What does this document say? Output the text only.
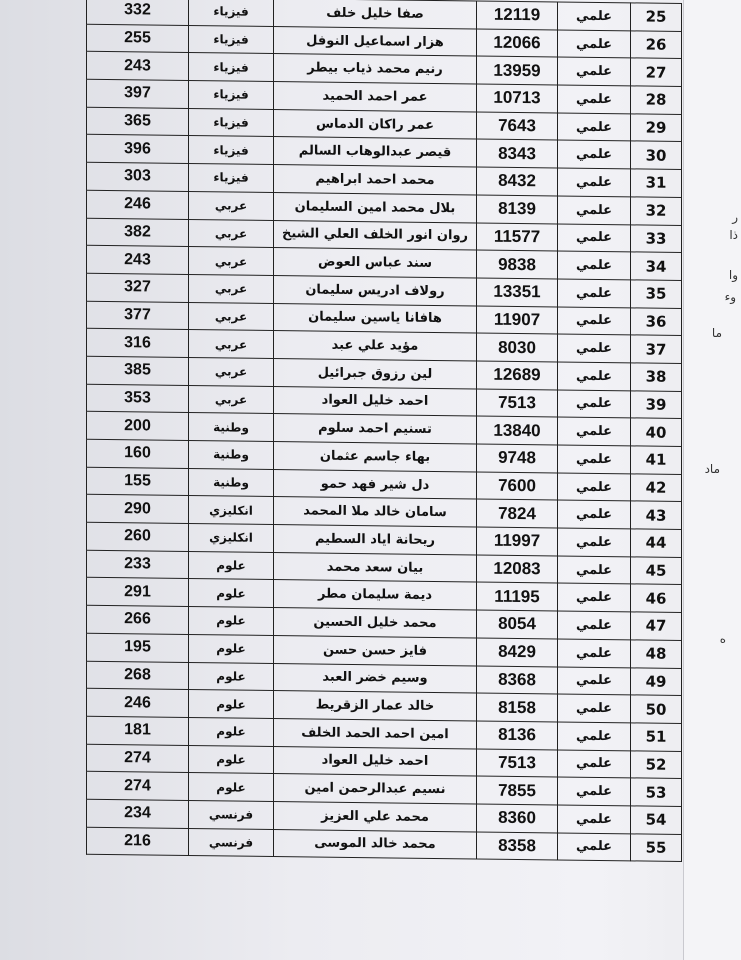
ر
ذا
وا
وء
ما
ماد
ه
25	علمي	12119	صفا خليل خلف	فيزياء	332
26	علمي	12066	هزار اسماعيل النوفل	فيزياء	255
27	علمي	13959	رنيم محمد ذياب بيطر	فيزياء	243
28	علمي	10713	عمر احمد الحميد	فيزياء	397
29	علمي	7643	عمر راكان الدماس	فيزياء	365
30	علمي	8343	قيصر عبدالوهاب السالم	فيزياء	396
31	علمي	8432	محمد احمد ابراهيم	فيزياء	303
32	علمي	8139	بلال محمد امين السليمان	عربي	246
33	علمي	11577	روان انور الخلف العلي الشيخ	عربي	382
34	علمي	9838	سند عباس العوض	عربي	243
35	علمي	13351	رولاف ادريس سليمان	عربي	327
36	علمي	11907	هافانا ياسين سليمان	عربي	377
37	علمي	8030	مؤيد علي عبد	عربي	316
38	علمي	12689	لين رزوق جبرائيل	عربي	385
39	علمي	7513	احمد خليل العواد	عربي	353
40	علمي	13840	تسنيم احمد سلوم	وطنية	200
41	علمي	9748	بهاء جاسم عثمان	وطنية	160
42	علمي	7600	دل شير فهد حمو	وطنية	155
43	علمي	7824	سامان خالد ملا المحمد	انكليزي	290
44	علمي	11997	ريحانة اياد السطيم	انكليزي	260
45	علمي	12083	بيان سعد محمد	علوم	233
46	علمي	11195	ديمة سليمان مطر	علوم	291
47	علمي	8054	محمد خليل الحسين	علوم	266
48	علمي	8429	فايز حسن حسن	علوم	195
49	علمي	8368	وسيم خضر العبد	علوم	268
50	علمي	8158	خالد عمار الزقريط	علوم	246
51	علمي	8136	امين احمد الحمد الخلف	علوم	181
52	علمي	7513	احمد خليل العواد	علوم	274
53	علمي	7855	نسيم عبدالرحمن امين	علوم	274
54	علمي	8360	محمد علي العزيز	فرنسي	234
55	علمي	8358	محمد خالد الموسى	فرنسي	216
